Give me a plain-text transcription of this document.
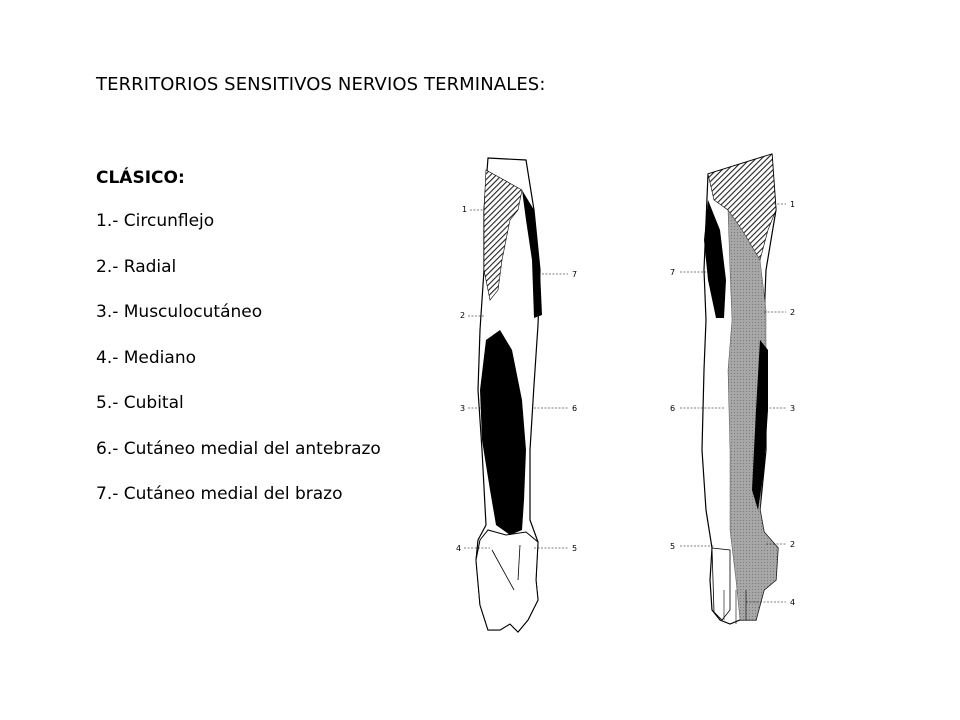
TERRITORIOS SENSITIVOS NERVIOS TERMINALES:
CLÁSICO:
1.- Circunflejo
2.- Radial
3.- Musculocutáneo
4.- Mediano
5.- Cubital
6.- Cutáneo medial del antebrazo
7.- Cutáneo medial del brazo
1
7
2
3	6
4	5
1
7
2
6	3
5	2
4
